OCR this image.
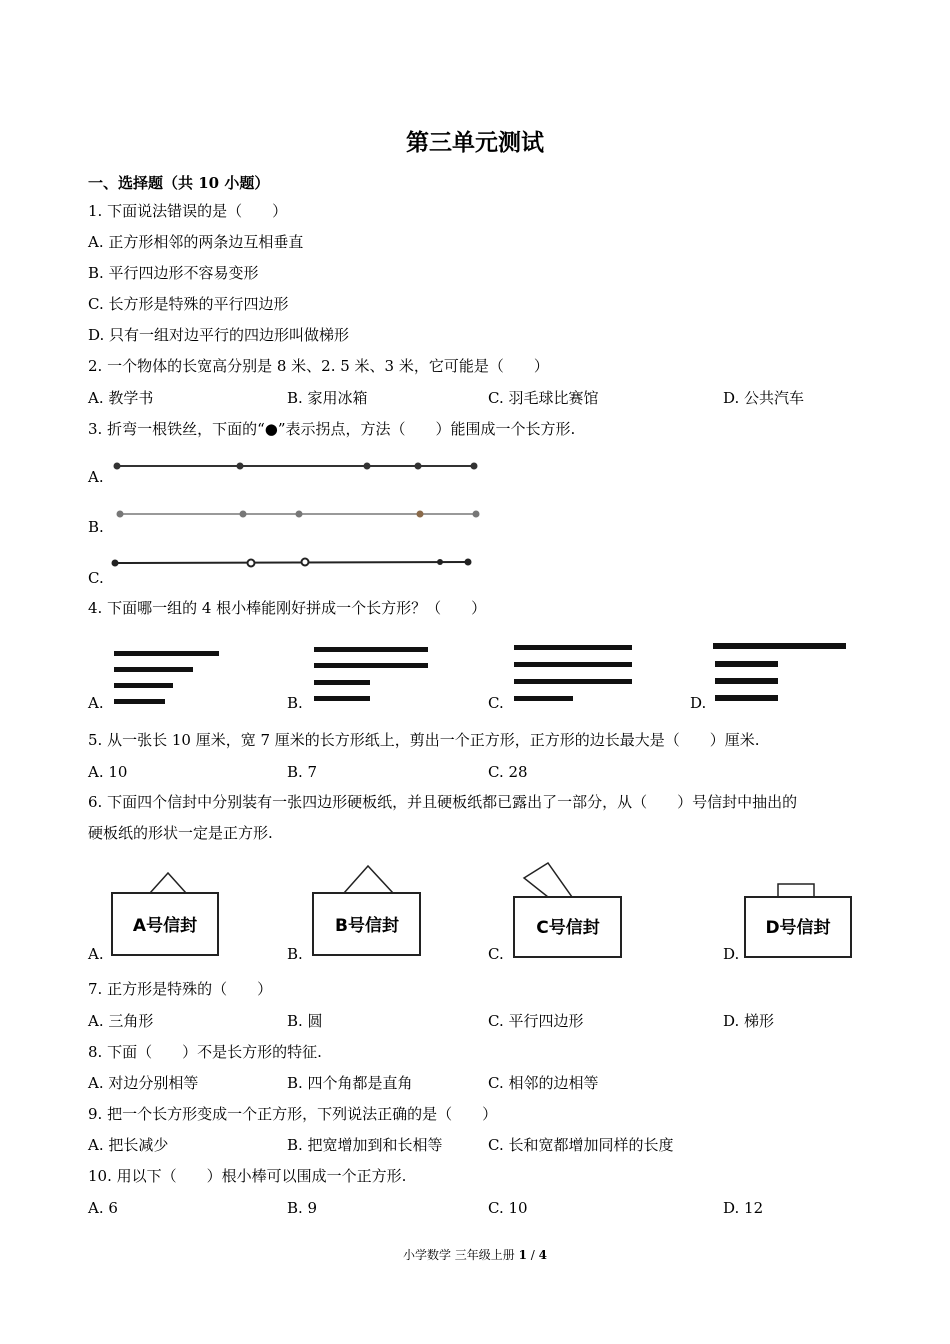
第三单元测试
一、选择题（共 10 小题）
1. 下面说法错误的是（　　）
A. 正方形相邻的两条边互相垂直
B. 平行四边形不容易变形
C. 长方形是特殊的平行四边形
D. 只有一组对边平行的四边形叫做梯形
2. 一个物体的长宽高分别是 8 米、2. 5 米、3 米，它可能是（　　）
A. 教学书	B. 家用冰箱	C. 羽毛球比赛馆	D. 公共汽车
3. 折弯一根铁丝，下面的“●”表示拐点，方法（　　）能围成一个长方形.
A.
B.
C.
4. 下面哪一组的 4 根小棒能刚好拼成一个长方形？（　　）
A.	B.	C.	D.
5. 从一张长 10 厘米，宽 7 厘米的长方形纸上，剪出一个正方形，正方形的边长最大是（　　）厘米.
A. 10	B. 7	C. 28
6. 下面四个信封中分别装有一张四边形硬板纸，并且硬板纸都已露出了一部分，从（　　）号信封中抽出的
硬板纸的形状一定是正方形.
A.	B.	C.	D.
A号信封	B号信封	C号信封	D号信封
7. 正方形是特殊的（　　）
A. 三角形	B. 圆	C. 平行四边形	D. 梯形
8. 下面（　　）不是长方形的特征.
A. 对边分别相等	B. 四个角都是直角	C. 相邻的边相等
9. 把一个长方形变成一个正方形，下列说法正确的是（　　）
A. 把长减少	B. 把宽增加到和长相等	C. 长和宽都增加同样的长度
10. 用以下（　　）根小棒可以围成一个正方形.
A. 6	B. 9	C. 10	D. 12
小学数学 三年级上册 1 / 4
